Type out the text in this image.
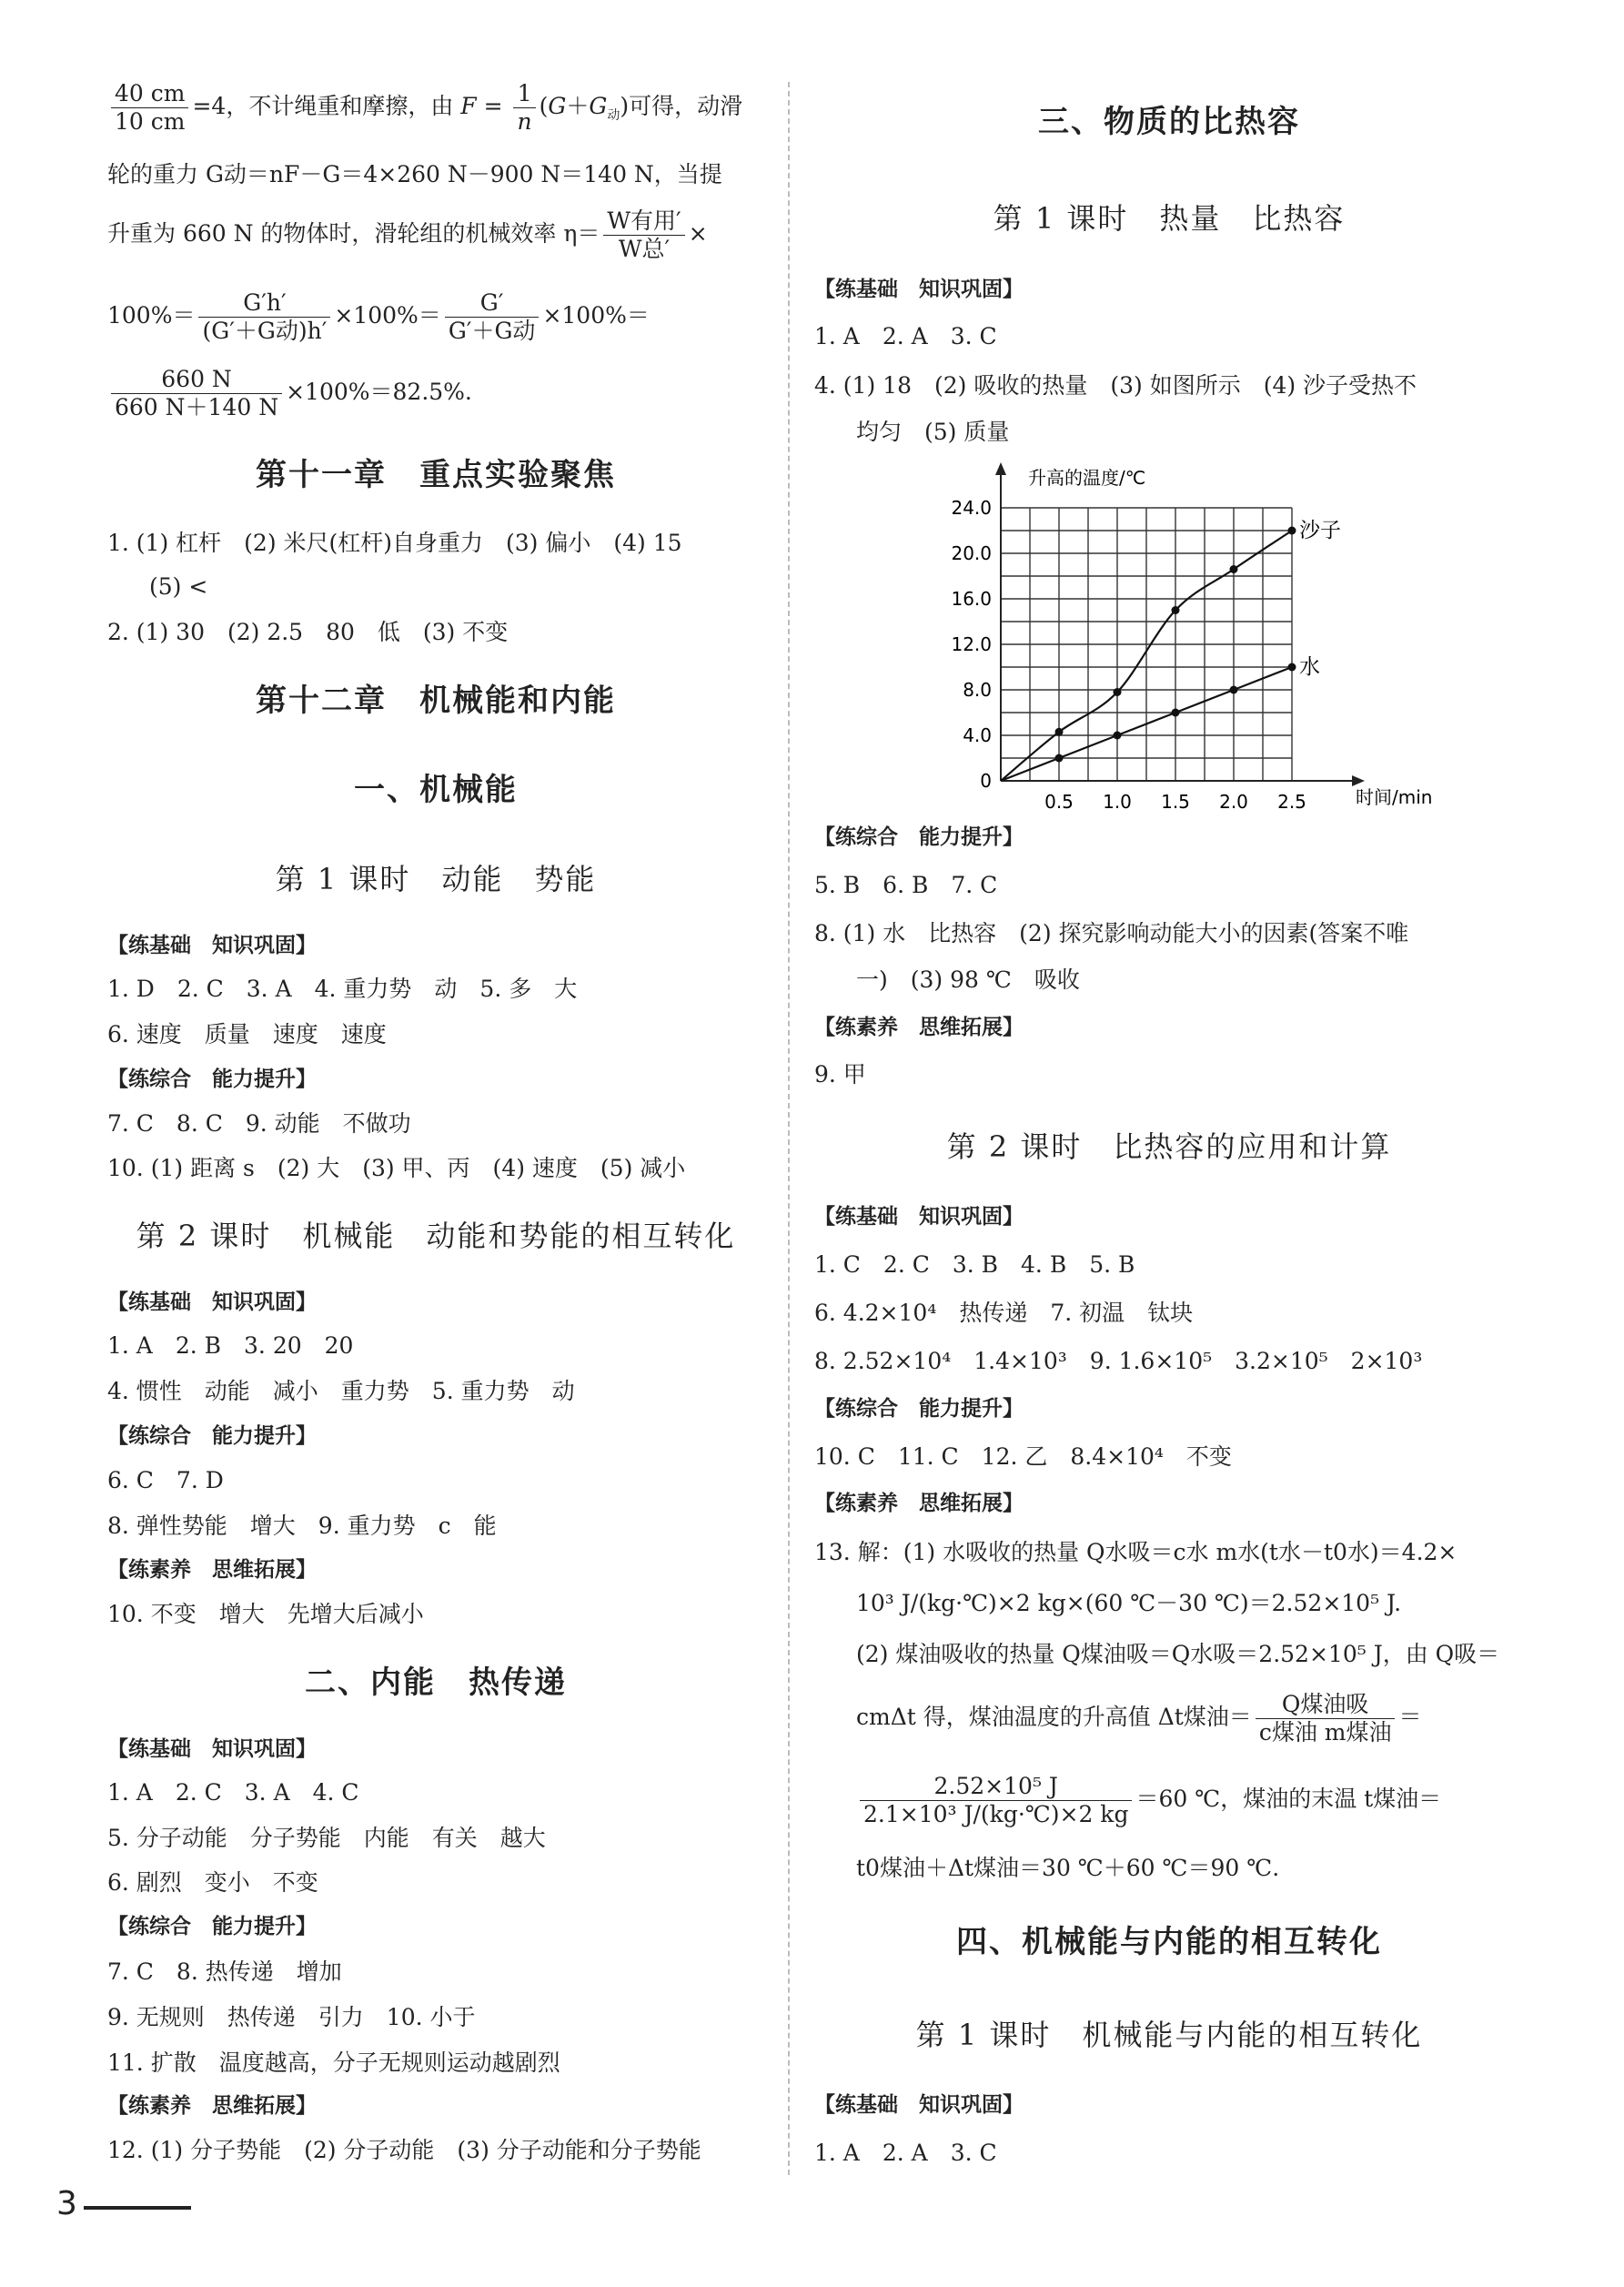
$\frac{40 cm}{10 cm} =4$，不计绳重和摩擦，由 $F = \frac{1}{n} (G+G_动)$可得，动滑
轮的重力 G动＝nF－G＝4×260 N－900 N＝140 N，当提
升重为 660 N 的物体时，滑轮组的机械效率 $\eta= \frac{\text{W有用′}}{\text{W总′}}$ ×
$100\%= \frac{G'h'}{\text{(G′＋G动)h′}} \times 100\%= \frac{G'}{\text{G′＋G动}} \times 100\%=$
$\frac{660 N}{660 N+140 N} \times 100\%=82.5\%$.
第十一章　重点实验聚焦
1. (1) 杠杆　(2) 米尺(杠杆)自身重力　(3) 偏小　(4) 15
(5) <
2. (1) 30　(2) 2.5　80　低　(3) 不变
第十二章　机械能和内能
一、机械能
第 1 课时　动能　势能
【练基础　知识巩固】
1. D　2. C　3. A　4. 重力势　动　5. 多　大
6. 速度　质量　速度　速度
【练综合　能力提升】
7. C　8. C　9. 动能　不做功
10. (1) 距离 s　(2) 大　(3) 甲、丙　(4) 速度　(5) 减小
第 2 课时　机械能　动能和势能的相互转化
【练基础　知识巩固】
1. A　2. B　3. 20　20
4. 惯性　动能　减小　重力势　5. 重力势　动
【练综合　能力提升】
6. C　7. D
8. 弹性势能　增大　9. 重力势　c　能
【练素养　思维拓展】
10. 不变　增大　先增大后减小
二、内能　热传递
【练基础　知识巩固】
1. A　2. C　3. A　4. C
5. 分子动能　分子势能　内能　有关　越大
6. 剧烈　变小　不变
【练综合　能力提升】
7. C　8. 热传递　增加
9. 无规则　热传递　引力　10. 小于
11. 扩散　温度越高，分子无规则运动越剧烈
【练素养　思维拓展】
12. (1) 分子势能　(2) 分子动能　(3) 分子动能和分子势能
三、物质的比热容
第 1 课时　热量　比热容
【练基础　知识巩固】
1. A　2. A　3. C
4. (1) 18　(2) 吸收的热量　(3) 如图所示　(4) 沙子受热不
均匀　(5) 质量
【练综合　能力提升】
5. B　6. B　7. C
8. (1) 水　比热容　(2) 探究影响动能大小的因素(答案不唯
一)　(3) 98 ℃　吸收
【练素养　思维拓展】
9. 甲
第 2 课时　比热容的应用和计算
【练基础　知识巩固】
1. C　2. C　3. B　4. B　5. B
6. 4.2×10⁴　热传递　7. 初温　钛块
8. 2.52×10⁴　1.4×10³　9. 1.6×10⁵　3.2×10⁵　2×10³
【练综合　能力提升】
10. C　11. C　12. 乙　8.4×10⁴　不变
【练素养　思维拓展】
13. 解：(1) 水吸收的热量 Q水吸＝c水 m水(t水－t0水)＝4.2×
10³ J/(kg·℃)×2 kg×(60 ℃－30 ℃)＝2.52×10⁵ J.
(2) 煤油吸收的热量 Q煤油吸＝Q水吸＝2.52×10⁵ J，由 Q吸＝
cmΔt 得，煤油温度的升高值 Δt煤油＝ $\frac{\text{Q煤油吸}}{\text{c煤油 m煤油}}$ ＝
$\frac{\text{2.52×10⁵ J}}{\text{2.1×10³ J/(kg·℃)×2 kg}} =60$ ℃，煤油的末温 t煤油＝
t0煤油＋Δt煤油＝30 ℃＋60 ℃＝90 ℃.
四、机械能与内能的相互转化
第 1 课时　机械能与内能的相互转化
【练基础　知识巩固】
1. A　2. A　3. C
0.5 1.0 1.5 2.0 2.5
0
4.0
8.0
12.0
16.0
20.0
24.0
沙子
水
升高的温度/℃
时间/min
3
